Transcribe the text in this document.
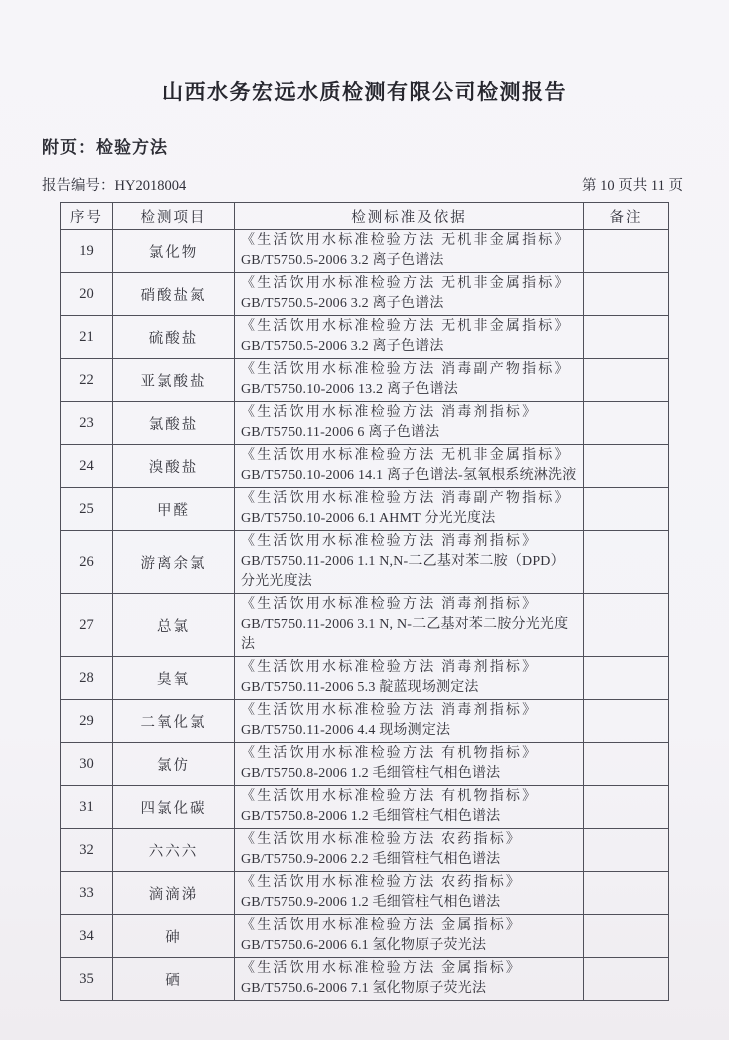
山西水务宏远水质检测有限公司检测报告
附页：检验方法
报告编号：HY2018004	第 10 页共 11 页
序号	检测项目	检测标准及依据	备注
19	氯化物	《生活饮用水标准检验方法 无机非金属指标》
GB/T5750.5-2006 3.2 离子色谱法	

20	硝酸盐氮	《生活饮用水标准检验方法 无机非金属指标》
GB/T5750.5-2006 3.2 离子色谱法	

21	硫酸盐	《生活饮用水标准检验方法 无机非金属指标》
GB/T5750.5-2006 3.2 离子色谱法	

22	亚氯酸盐	《生活饮用水标准检验方法 消毒副产物指标》
GB/T5750.10-2006 13.2 离子色谱法	

23	氯酸盐	《生活饮用水标准检验方法 消毒剂指标》
GB/T5750.11-2006 6 离子色谱法	

24	溴酸盐	《生活饮用水标准检验方法 无机非金属指标》
GB/T5750.10-2006 14.1 离子色谱法-氢氧根系统淋洗液	

25	甲醛	《生活饮用水标准检验方法 消毒副产物指标》
GB/T5750.10-2006 6.1 AHMT 分光光度法	

26	游离余氯	《生活饮用水标准检验方法 消毒剂指标》
GB/T5750.11-2006 1.1 N,N-二乙基对苯二胺（DPD）分光光度法	

27	总氯	《生活饮用水标准检验方法 消毒剂指标》
GB/T5750.11-2006 3.1 N, N-二乙基对苯二胺分光光度法	

28	臭氧	《生活饮用水标准检验方法 消毒剂指标》
GB/T5750.11-2006 5.3 靛蓝现场测定法	

29	二氧化氯	《生活饮用水标准检验方法 消毒剂指标》
GB/T5750.11-2006 4.4 现场测定法	

30	氯仿	《生活饮用水标准检验方法 有机物指标》
GB/T5750.8-2006 1.2 毛细管柱气相色谱法	

31	四氯化碳	《生活饮用水标准检验方法 有机物指标》
GB/T5750.8-2006 1.2 毛细管柱气相色谱法	

32	六六六	《生活饮用水标准检验方法 农药指标》
GB/T5750.9-2006 2.2 毛细管柱气相色谱法	

33	滴滴涕	《生活饮用水标准检验方法 农药指标》
GB/T5750.9-2006 1.2 毛细管柱气相色谱法	

34	砷	《生活饮用水标准检验方法 金属指标》
GB/T5750.6-2006 6.1 氢化物原子荧光法	

35	硒	《生活饮用水标准检验方法 金属指标》
GB/T5750.6-2006 7.1 氢化物原子荧光法	
